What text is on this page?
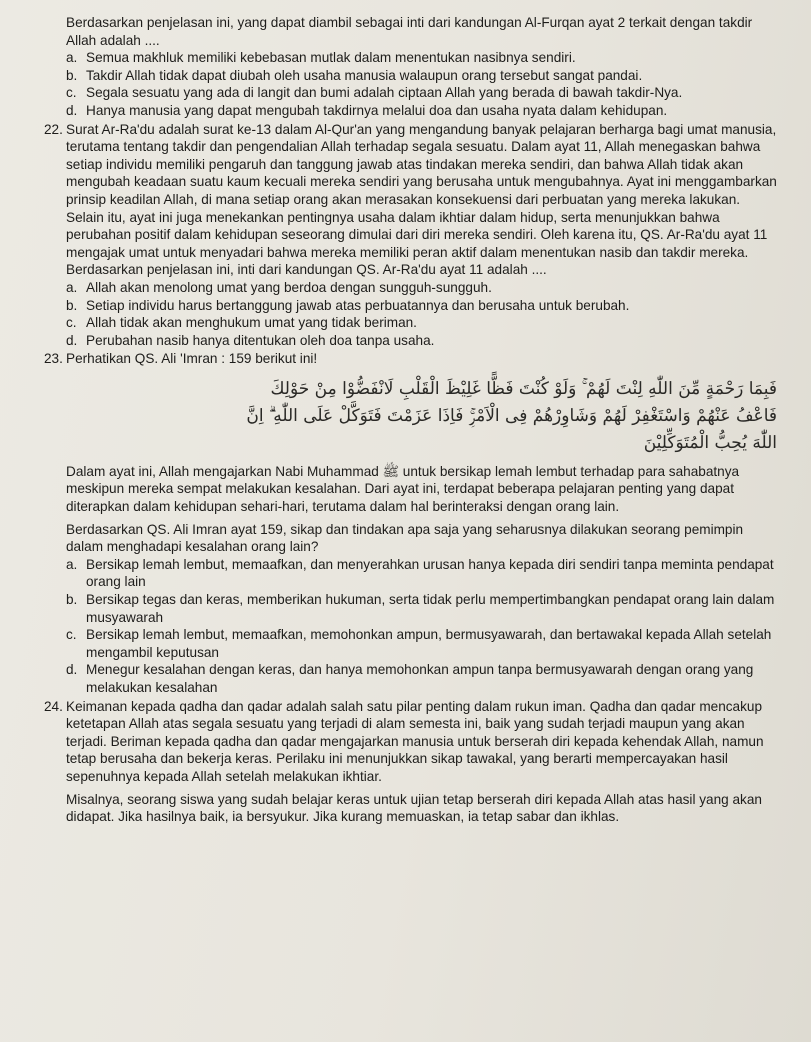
Berdasarkan penjelasan ini, yang dapat diambil sebagai inti dari kandungan Al-Furqan ayat 2 terkait dengan takdir Allah adalah ....

a. Semua makhluk memiliki kebebasan mutlak dalam menentukan nasibnya sendiri.
b. Takdir Allah tidak dapat diubah oleh usaha manusia walaupun orang tersebut sangat pandai.
c. Segala sesuatu yang ada di langit dan bumi adalah ciptaan Allah yang berada di bawah takdir-Nya.
d. Hanya manusia yang dapat mengubah takdirnya melalui doa dan usaha nyata dalam kehidupan.
22. Surat Ar-Ra'du adalah surat ke-13 dalam Al-Qur'an yang mengandung banyak pelajaran berharga bagi umat manusia, terutama tentang takdir dan pengendalian Allah terhadap segala sesuatu. Dalam ayat 11, Allah menegaskan bahwa setiap individu memiliki pengaruh dan tanggung jawab atas tindakan mereka sendiri, dan bahwa Allah tidak akan mengubah keadaan suatu kaum kecuali mereka sendiri yang berusaha untuk mengubahnya. Ayat ini menggambarkan prinsip keadilan Allah, di mana setiap orang akan merasakan konsekuensi dari perbuatan yang mereka lakukan. Selain itu, ayat ini juga menekankan pentingnya usaha dalam ikhtiar dalam hidup, serta menunjukkan bahwa perubahan positif dalam kehidupan seseorang dimulai dari diri mereka sendiri. Oleh karena itu, QS. Ar-Ra'du ayat 11 mengajak umat untuk menyadari bahwa mereka memiliki peran aktif dalam menentukan nasib dan takdir mereka. Berdasarkan penjelasan ini, inti dari kandungan QS. Ar-Ra'du ayat 11 adalah ....

a. Allah akan menolong umat yang berdoa dengan sungguh-sungguh.
b. Setiap individu harus bertanggung jawab atas perbuatannya dan berusaha untuk berubah.
c. Allah tidak akan menghukum umat yang tidak beriman.
d. Perubahan nasib hanya ditentukan oleh doa tanpa usaha.
23. Perhatikan QS. Ali 'Imran : 159 berikut ini!

فَبِمَا رَحْمَةٍ مِّنَ اللّٰهِ لِنْتَ لَهُمْ ۚ وَلَوْ كُنْتَ فَظًّا غَلِيْظَ الْقَلْبِ لَانْفَضُّوْا مِنْ حَوْلِكَ

فَاعْفُ عَنْهُمْ وَاسْتَغْفِرْ لَهُمْ وَشَاوِرْهُمْ فِى الْاَمْرِۚ فَاِذَا عَزَمْتَ فَتَوَكَّلْ عَلَى اللّٰهِ ۗ اِنَّ

اللّٰهَ يُحِبُّ الْمُتَوَكِّلِيْنَ

Dalam ayat ini, Allah mengajarkan Nabi Muhammad ﷺ untuk bersikap lemah lembut terhadap para sahabatnya meskipun mereka sempat melakukan kesalahan. Dari ayat ini, terdapat beberapa pelajaran penting yang dapat diterapkan dalam kehidupan sehari-hari, terutama dalam hal berinteraksi dengan orang lain.

Berdasarkan QS. Ali Imran ayat 159, sikap dan tindakan apa saja yang seharusnya dilakukan seorang pemimpin dalam menghadapi kesalahan orang lain?

a. Bersikap lemah lembut, memaafkan, dan menyerahkan urusan hanya kepada diri sendiri tanpa meminta pendapat orang lain
b. Bersikap tegas dan keras, memberikan hukuman, serta tidak perlu mempertimbangkan pendapat orang lain dalam musyawarah
c. Bersikap lemah lembut, memaafkan, memohonkan ampun, bermusyawarah, dan bertawakal kepada Allah setelah mengambil keputusan
d. Menegur kesalahan dengan keras, dan hanya memohonkan ampun tanpa bermusyawarah dengan orang yang melakukan kesalahan
24. Keimanan kepada qadha dan qadar adalah salah satu pilar penting dalam rukun iman. Qadha dan qadar mencakup ketetapan Allah atas segala sesuatu yang terjadi di alam semesta ini, baik yang sudah terjadi maupun yang akan terjadi. Beriman kepada qadha dan qadar mengajarkan manusia untuk berserah diri kepada kehendak Allah, namun tetap berusaha dan bekerja keras. Perilaku ini menunjukkan sikap tawakal, yang berarti mempercayakan hasil sepenuhnya kepada Allah setelah melakukan ikhtiar.

Misalnya, seorang siswa yang sudah belajar keras untuk ujian tetap berserah diri kepada Allah atas hasil yang akan didapat. Jika hasilnya baik, ia bersyukur. Jika kurang memuaskan, ia tetap sabar dan ikhlas.
